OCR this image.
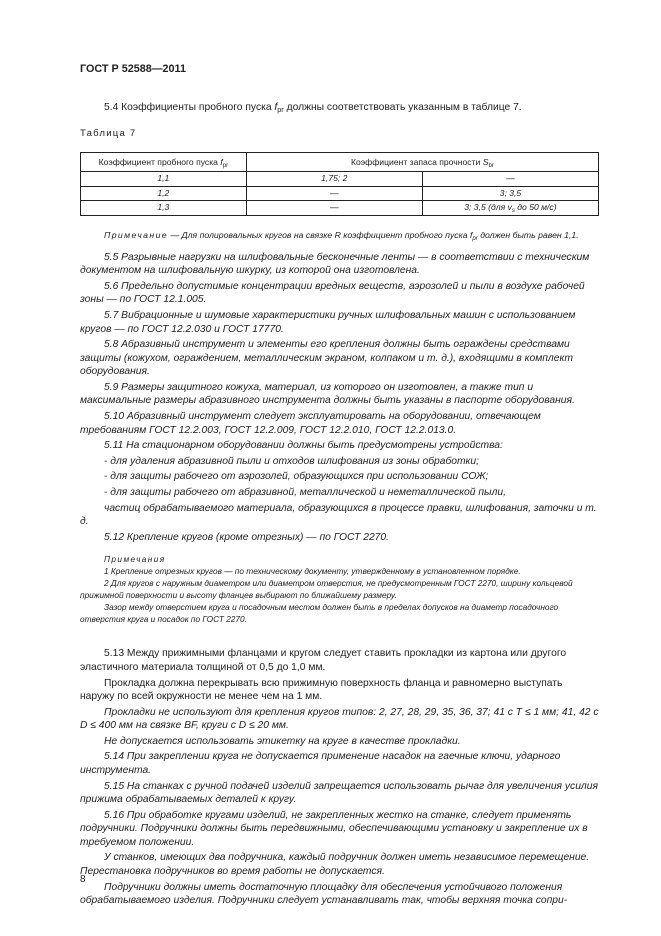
ГОСТ Р 52588—2011
5.4 Коэффициенты пробного пуска $f_{pr}$ должны соответствовать указанным в таблице 7.
Таблица 7
Коэффициент пробного пуска $f_{pr}$	Коэффициент запаса прочности $S_{br}$
1,1	1,75; 2	—
1,2	—	3; 3,5
1,3	—	3; 3,5 (для $v_s$ до 50 м/с)
Примечание — Для полировальных кругов на связке R коэффициент пробного пуска $f_{pr}$ должен быть равен 1,1.
5.5 Разрывные нагрузки на шлифовальные бесконечные ленты — в соответствии с техническим документом на шлифовальную шкурку, из которой она изготовлена.
5.6 Предельно допустимые концентрации вредных веществ, аэрозолей и пыли в воздухе рабочей зоны — по ГОСТ 12.1.005.
5.7 Вибрационные и шумовые характеристики ручных шлифовальных машин с использованием кругов — по ГОСТ 12.2.030 и ГОСТ 17770.
5.8 Абразивный инструмент и элементы его крепления должны быть ограждены средствами защиты (кожухом, ограждением, металлическим экраном, колпаком и т. д.), входящими в комплект оборудования.
5.9 Размеры защитного кожуха, материал, из которого он изготовлен, а также тип и максимальные размеры абразивного инструмента должны быть указаны в паспорте оборудования.
5.10 Абразивный инструмент следует эксплуатировать на оборудовании, отвечающем требованиям ГОСТ 12.2.003, ГОСТ 12.2.009, ГОСТ 12.2.010, ГОСТ 12.2.013.0.
5.11 На стационарном оборудовании должны быть предусмотрены устройства:
- для удаления абразивной пыли и отходов шлифования из зоны обработки;
- для защиты рабочего от аэрозолей, образующихся при использовании СОЖ;
- для защиты рабочего от абразивной, металлической и неметаллической пыли,
частиц обрабатываемого материала, образующихся в процессе правки, шлифования, заточки и т. д.
5.12 Крепление кругов (кроме отрезных) — по ГОСТ 2270.
Примечания
1 Крепление отрезных кругов — по техническому документу, утвержденному в установленном порядке.
2 Для кругов с наружным диаметром или диаметром отверстия, не предусмотренным ГОСТ 2270, ширину кольцевой прижимной поверхности и высоту фланцев выбирают по ближайшему размеру.
Зазор между отверстием круга и посадочным местом должен быть в пределах допусков на диаметр посадочного отверстия круга и посадок по ГОСТ 2270.
5.13 Между прижимными фланцами и кругом следует ставить прокладки из картона или другого эластичного материала толщиной от 0,5 до 1,0 мм.
Прокладка должна перекрывать всю прижимную поверхность фланца и равномерно выступать наружу по всей окружности не менее чем на 1 мм.
Прокладки не используют для крепления кругов типов: 2, 27, 28, 29, 35, 36, 37; 41 с T ≤ 1 мм; 41, 42 с D ≤ 400 мм на связке BF, круги с D ≤ 20 мм.
Не допускается использовать этикетку на круге в качестве прокладки.
5.14 При закреплении круга не допускается применение насадок на гаечные ключи, ударного инструмента.
5.15 На станках с ручной подачей изделий запрещается использовать рычаг для увеличения усилия прижима обрабатываемых деталей к кругу.
5.16 При обработке кругами изделий, не закрепленных жестко на станке, следует применять подручники. Подручники должны быть передвижными, обеспечивающими установку и закрепление их в требуемом положении.
У станков, имеющих два подручника, каждый подручник должен иметь независимое перемещение. Перестановка подручников во время работы не допускается.
Подручники должны иметь достаточную площадку для обеспечения устойчивого положения обрабатываемого изделия. Подручники следует устанавливать так, чтобы верхняя точка сопри-
8
